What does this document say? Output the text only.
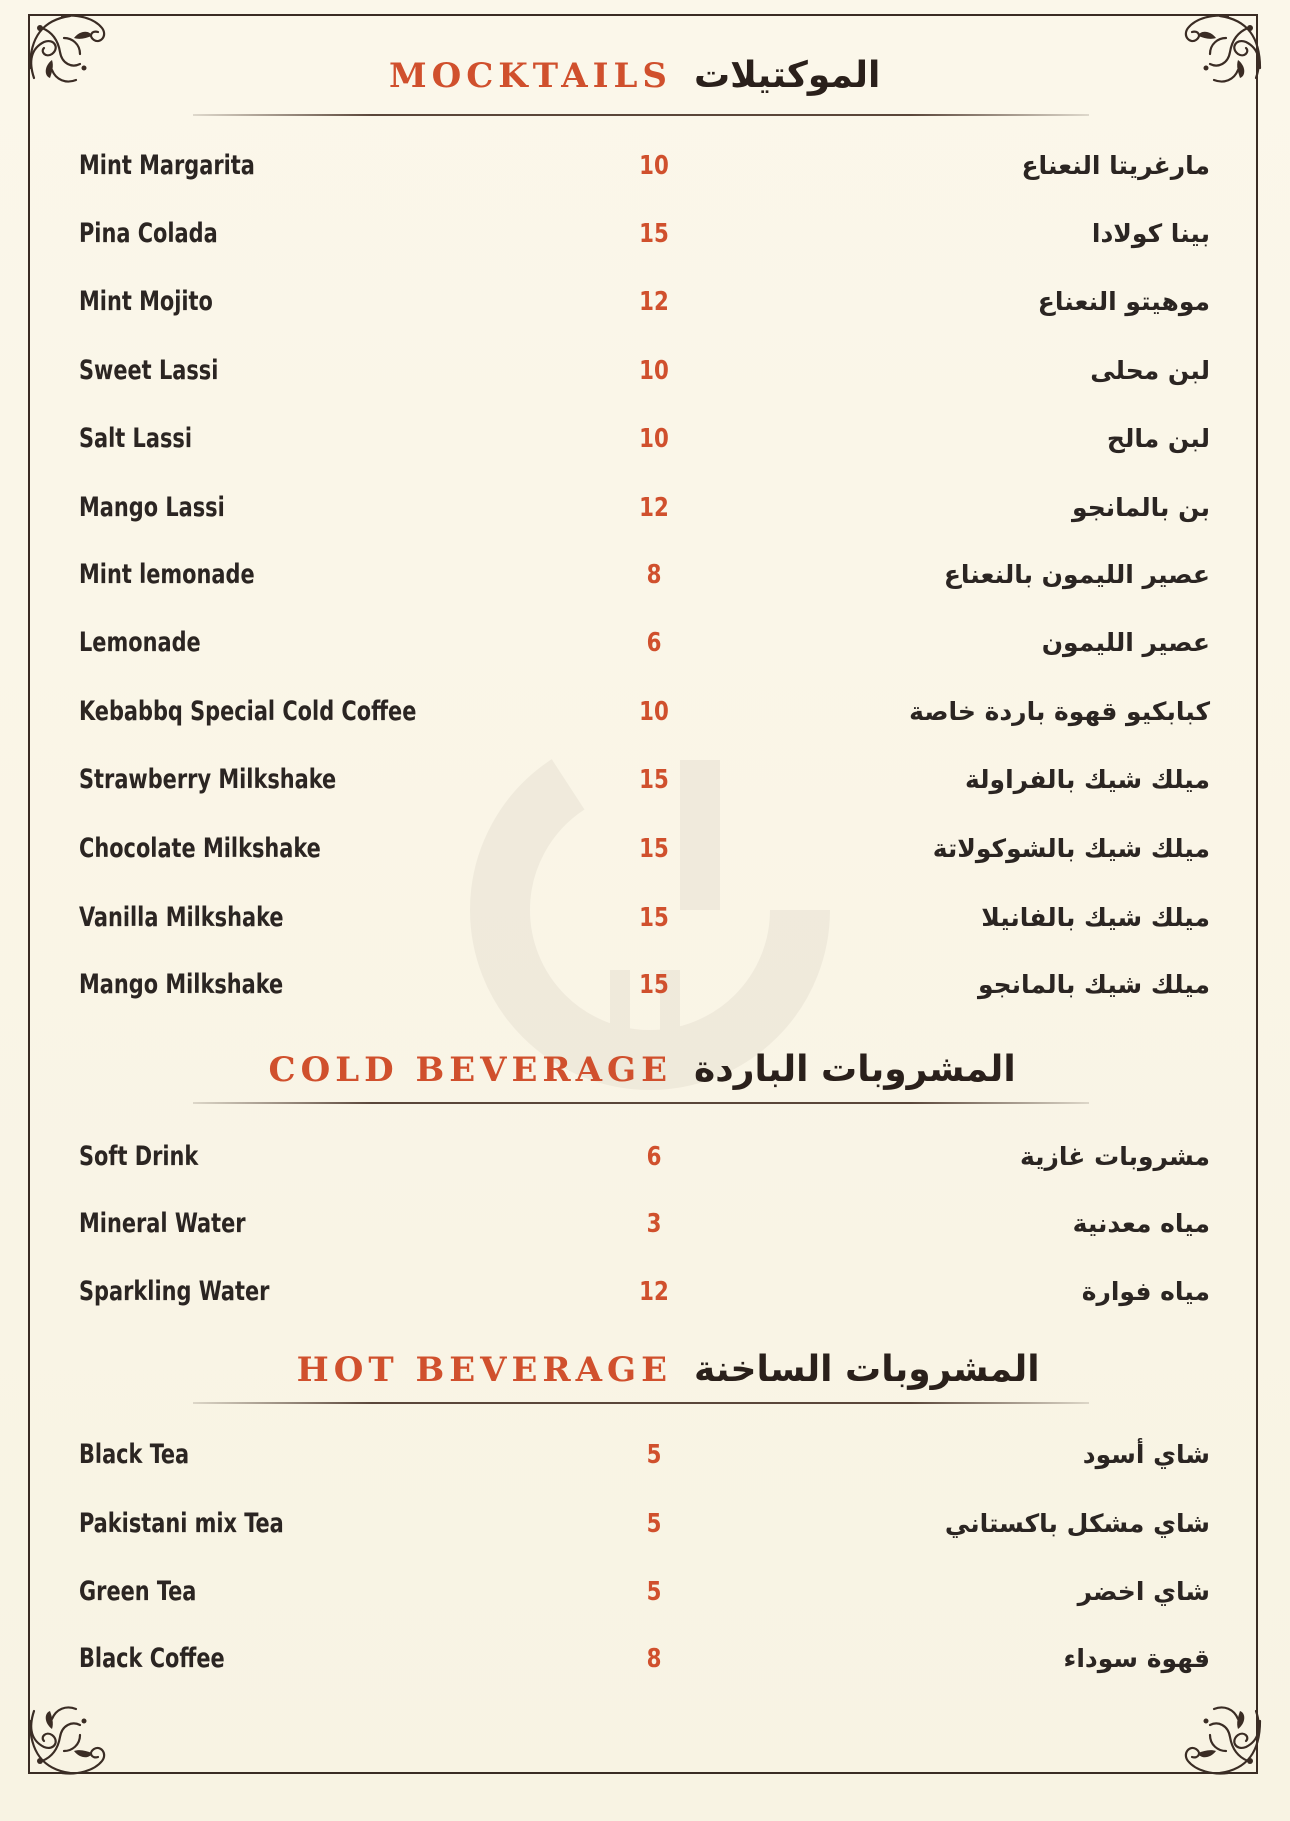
MOCKTAILS الموكتيلات
Mint Margarita	10	مارغريتا النعناع
Pina Colada	15	بينا كولادا
Mint Mojito	12	موهيتو النعناع
Sweet Lassi	10	لبن محلى
Salt Lassi	10	لبن مالح
Mango Lassi	12	بن بالمانجو
Mint lemonade	8	عصير الليمون بالنعناع
Lemonade	6	عصير الليمون
Kebabbq Special Cold Coffee	10	كبابكيو قهوة باردة خاصة
Strawberry Milkshake	15	ميلك شيك بالفراولة
Chocolate Milkshake	15	ميلك شيك بالشوكولاتة
Vanilla Milkshake	15	ميلك شيك بالفانيلا
Mango Milkshake	15	ميلك شيك بالمانجو
COLD BEVERAGE المشروبات الباردة
Soft Drink	6	مشروبات غازية
Mineral Water	3	مياه معدنية
Sparkling Water	12	مياه فوارة
HOT BEVERAGE المشروبات الساخنة
Black Tea	5	شاي أسود
Pakistani mix Tea	5	شاي مشكل باكستاني
Green Tea	5	شاي اخضر
Black Coffee	8	قهوة سوداء
